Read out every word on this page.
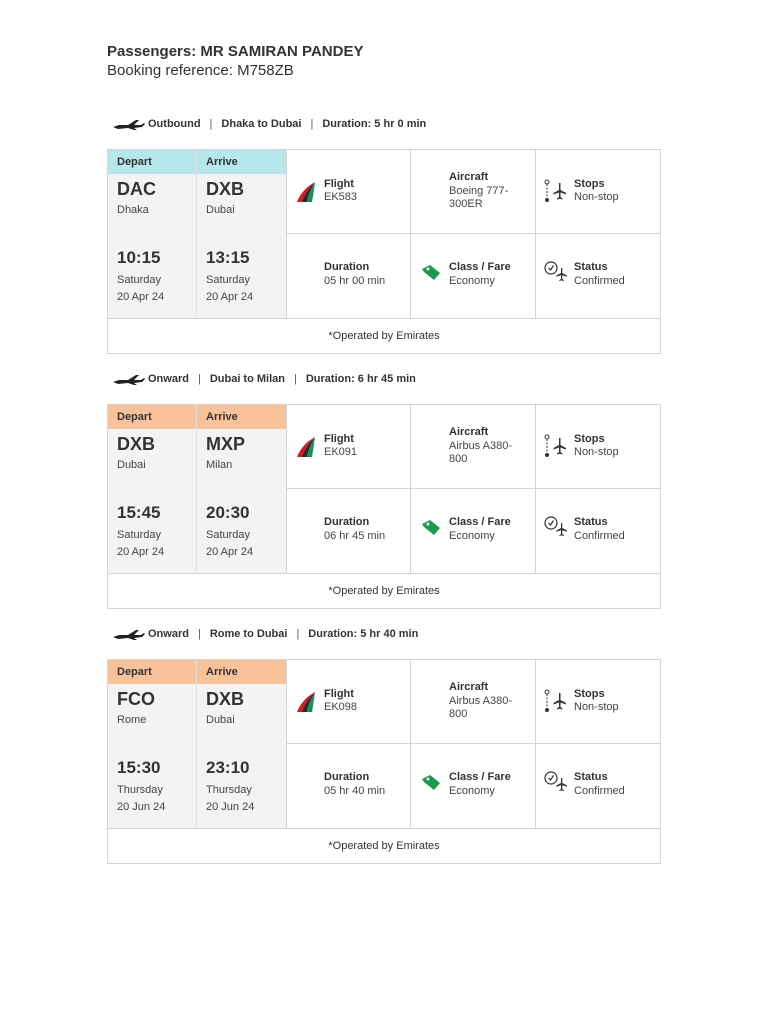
Passengers: MR SAMIRAN PANDEY
Booking reference: M758ZB
Outbound | Dhaka to Dubai | Duration:
5 hr 0 min
Depart
DAC
Dhaka
10:15
Saturday
20 Apr 24
Arrive
DXB
Dubai
13:15
Saturday
20 Apr 24
Flight
EK583
Aircraft
Boeing 777-
300ER
Stops
Non-stop
Duration
05 hr 00 min
Class / Fare
Economy
Status
Confirmed
*Operated by Emirates
Onward | Dubai to Milan | Duration:
6 hr 45 min
Depart
DXB
Dubai
15:45
Saturday
20 Apr 24
Arrive
MXP
Milan
20:30
Saturday
20 Apr 24
Flight
EK091
Aircraft
Airbus A380-
800
Stops
Non-stop
Duration
06 hr 45 min
Class / Fare
Economy
Status
Confirmed
*Operated by Emirates
Onward | Rome to Dubai | Duration:
5 hr 40 min
Depart
FCO
Rome
15:30
Thursday
20 Jun 24
Arrive
DXB
Dubai
23:10
Thursday
20 Jun 24
Flight
EK098
Aircraft
Airbus A380-
800
Stops
Non-stop
Duration
05 hr 40 min
Class / Fare
Economy
Status
Confirmed
*Operated by Emirates
